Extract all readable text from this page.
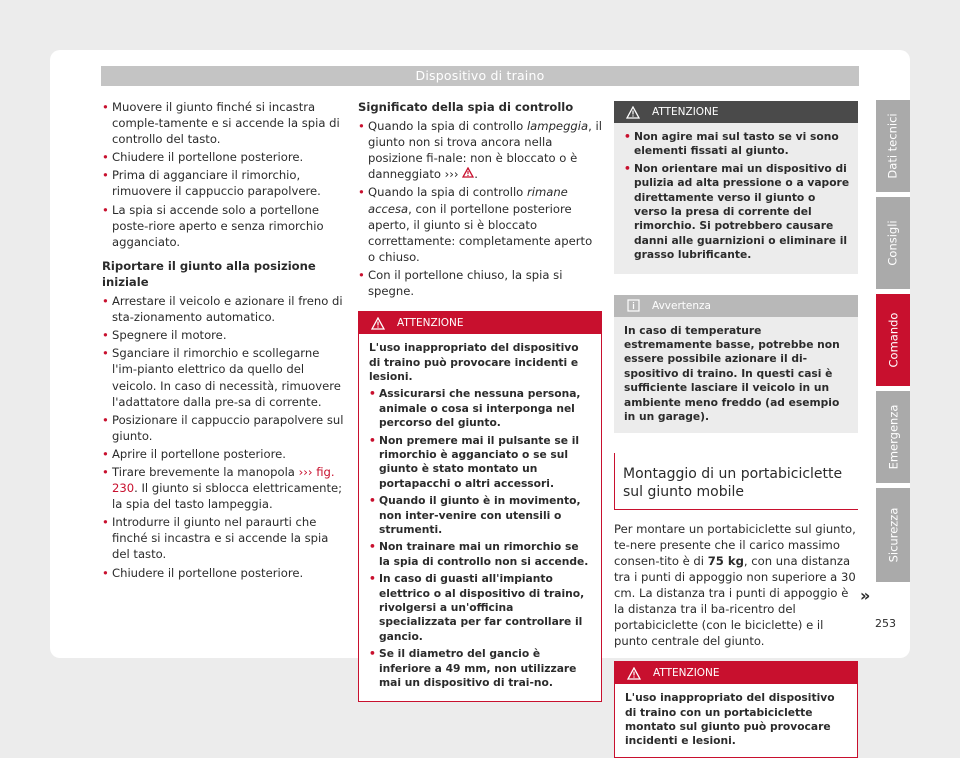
Dispositivo di traino
• Muovere il giunto finché si incastra comple-tamente e si accende la spia di controllo del tasto.
• Chiudere il portellone posteriore.
• Prima di agganciare il rimorchio, rimuovere il cappuccio parapolvere.
• La spia si accende solo a portellone poste-riore aperto e senza rimorchio agganciato.

Riportare il giunto alla posizione iniziale

• Arrestare il veicolo e azionare il freno di sta-zionamento automatico.
• Spegnere il motore.
• Sganciare il rimorchio e scollegarne l'im-pianto elettrico da quello del veicolo. In caso di necessità, rimuovere l'adattatore dalla pre-sa di corrente.
• Posizionare il cappuccio parapolvere sul giunto.
• Aprire il portellone posteriore.
• Tirare brevemente la manopola ››› fig. 230. Il giunto si sblocca elettricamente; la spia del tasto lampeggia.
• Introdurre il giunto nel paraurti che finché si incastra e si accende la spia del tasto.
• Chiudere il portellone posteriore.

Significato della spia di controllo

• Quando la spia di controllo lampeggia, il giunto non si trova ancora nella posizione fi-nale: non è bloccato o è danneggiato ››› .
• Quando la spia di controllo rimane accesa, con il portellone posteriore aperto, il giunto si è bloccato correttamente: completamente aperto o chiuso.
• Con il portellone chiuso, la spia si spegne.
ATTENZIONE

L'uso inappropriato del dispositivo di traino può provocare incidenti e lesioni.

• Assicurarsi che nessuna persona, animale o cosa si interponga nel percorso del giunto.
• Non premere mai il pulsante se il rimorchio è agganciato o se sul giunto è stato montato un portapacchi o altri accessori.
• Quando il giunto è in movimento, non inter-venire con utensili o strumenti.
• Non trainare mai un rimorchio se la spia di controllo non si accende.
• In caso di guasti all'impianto elettrico o al dispositivo di traino, rivolgersi a un'officina specializzata per far controllare il gancio.
• Se il diametro del gancio è inferiore a 49 mm, non utilizzare mai un dispositivo di trai-no.
ATTENZIONE
• Non agire mai sul tasto se vi sono elementi fissati al giunto.
• Non orientare mai un dispositivo di pulizia ad alta pressione o a vapore direttamente verso il giunto o verso la presa di corrente del rimorchio. Si potrebbero causare danni alle guarnizioni o eliminare il grasso lubrificante.
Avvertenza
In caso di temperature estremamente basse, potrebbe non essere possibile azionare il di-spositivo di traino. In questi casi è sufficiente lasciare il veicolo in un ambiente meno freddo (ad esempio in un garage).

Montaggio di un portabiciclette sul giunto mobile

Per montare un portabiciclette sul giunto, te-nere presente che il carico massimo consen-tito è di 75 kg, con una distanza tra i punti di appoggio non superiore a 30 cm. La distanza tra i punti di appoggio è la distanza tra il ba-ricentro del portabiciclette (con le biciclette) e il punto centrale del giunto.

ATTENZIONE
L'uso inappropriato del dispositivo di traino con un portabiciclette montato sul giunto può provocare incidenti e lesioni.
»
Dati tecnici
Consigli
Comando
Emergenza
Sicurezza
253
